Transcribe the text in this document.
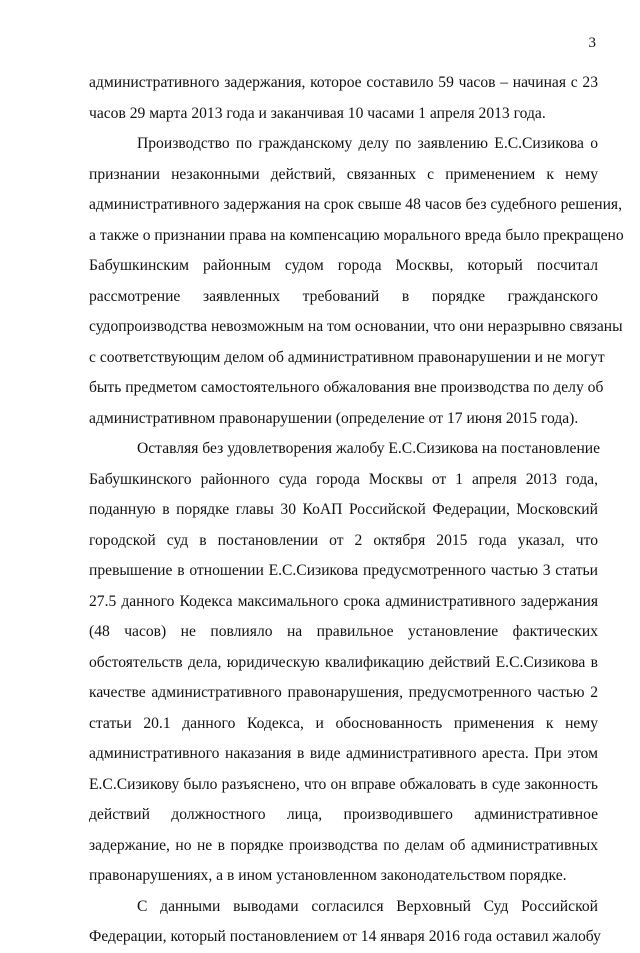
3
административного задержания, которое составило 59 часов – начиная с 23
часов 29 марта 2013 года и заканчивая 10 часами 1 апреля 2013 года.
Производство по гражданскому делу по заявлению Е.С.Сизикова о
признании незаконными действий, связанных с применением к нему
административного задержания на срок свыше 48 часов без судебного решения,
а также о признании права на компенсацию морального вреда было прекращено
Бабушкинским районным судом города Москвы, который посчитал
рассмотрение заявленных требований в порядке гражданского
судопроизводства невозможным на том основании, что они неразрывно связаны
с соответствующим делом об административном правонарушении и не могут
быть предметом самостоятельного обжалования вне производства по делу об
административном правонарушении (определение от 17 июня 2015 года).
Оставляя без удовлетворения жалобу Е.С.Сизикова на постановление
Бабушкинского районного суда города Москвы от 1 апреля 2013 года,
поданную в порядке главы 30 КоАП Российской Федерации, Московский
городской суд в постановлении от 2 октября 2015 года указал, что
превышение в отношении Е.С.Сизикова предусмотренного частью 3 статьи
27.5 данного Кодекса максимального срока административного задержания
(48 часов) не повлияло на правильное установление фактических
обстоятельств дела, юридическую квалификацию действий Е.С.Сизикова в
качестве административного правонарушения, предусмотренного частью 2
статьи 20.1 данного Кодекса, и обоснованность применения к нему
административного наказания в виде административного ареста. При этом
Е.С.Сизикову было разъяснено, что он вправе обжаловать в суде законность
действий должностного лица, производившего административное
задержание, но не в порядке производства по делам об административных
правонарушениях, а в ином установленном законодательством порядке.
С данными выводами согласился Верховный Суд Российской
Федерации, который постановлением от 14 января 2016 года оставил жалобу
